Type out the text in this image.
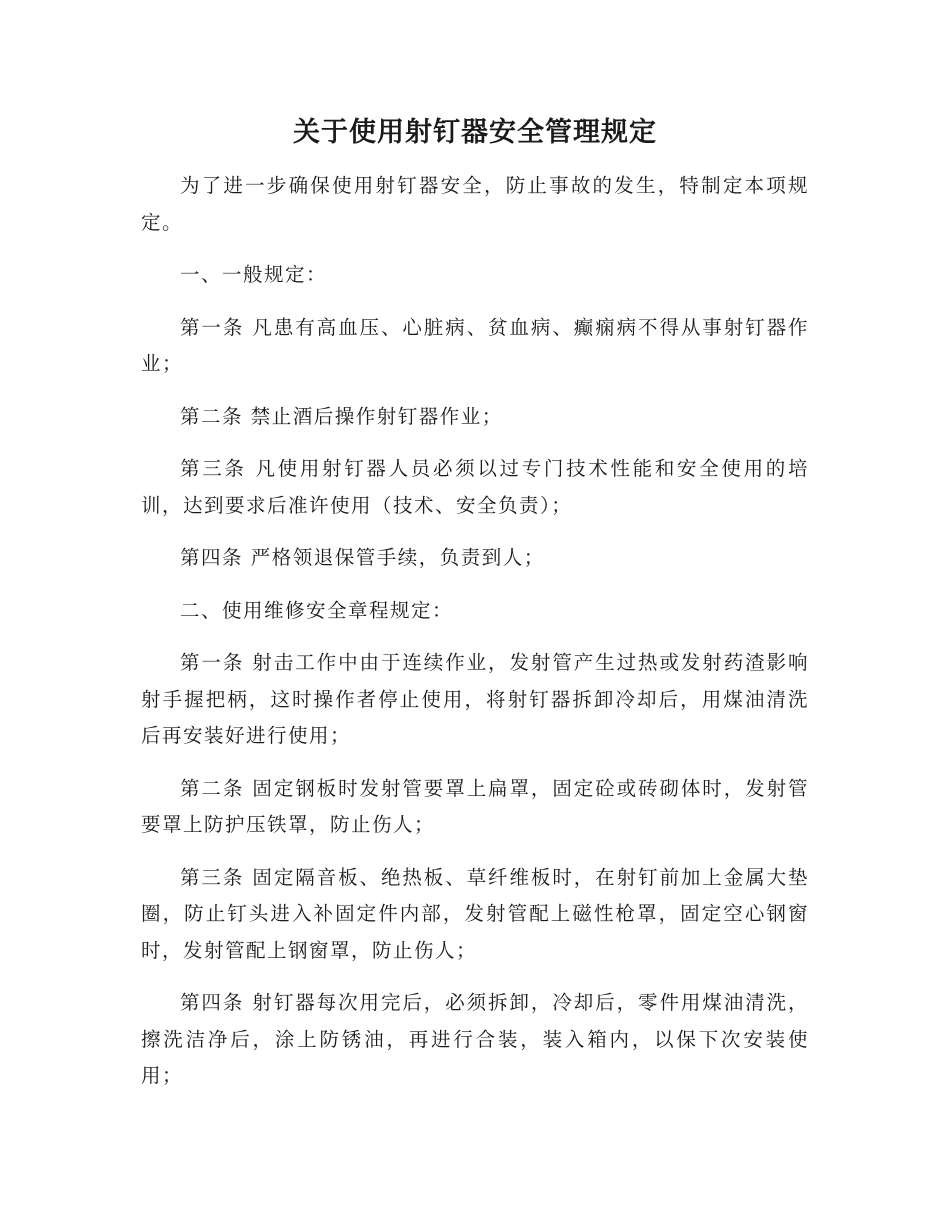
关于使用射钉器安全管理规定

为了进一步确保使用射钉器安全，防止事故的发生，特制定本项规定。

一、一般规定：

第一条 凡患有高血压、心脏病、贫血病、癫痫病不得从事射钉器作业；

第二条 禁止酒后操作射钉器作业；

第三条 凡使用射钉器人员必须以过专门技术性能和安全使用的培训，达到要求后准许使用（技术、安全负责）；

第四条 严格领退保管手续，负责到人；

二、使用维修安全章程规定：

第一条 射击工作中由于连续作业，发射管产生过热或发射药渣影响射手握把柄，这时操作者停止使用，将射钉器拆卸冷却后，用煤油清洗后再安装好进行使用；

第二条 固定钢板时发射管要罩上扁罩，固定砼或砖砌体时，发射管要罩上防护压铁罩，防止伤人；

第三条 固定隔音板、绝热板、草纤维板时，在射钉前加上金属大垫圈，防止钉头进入补固定件内部，发射管配上磁性枪罩，固定空心钢窗时，发射管配上钢窗罩，防止伤人；

第四条 射钉器每次用完后，必须拆卸，冷却后，零件用煤油清洗，擦洗洁净后，涂上防锈油，再进行合装，装入箱内，以保下次安装使用；
